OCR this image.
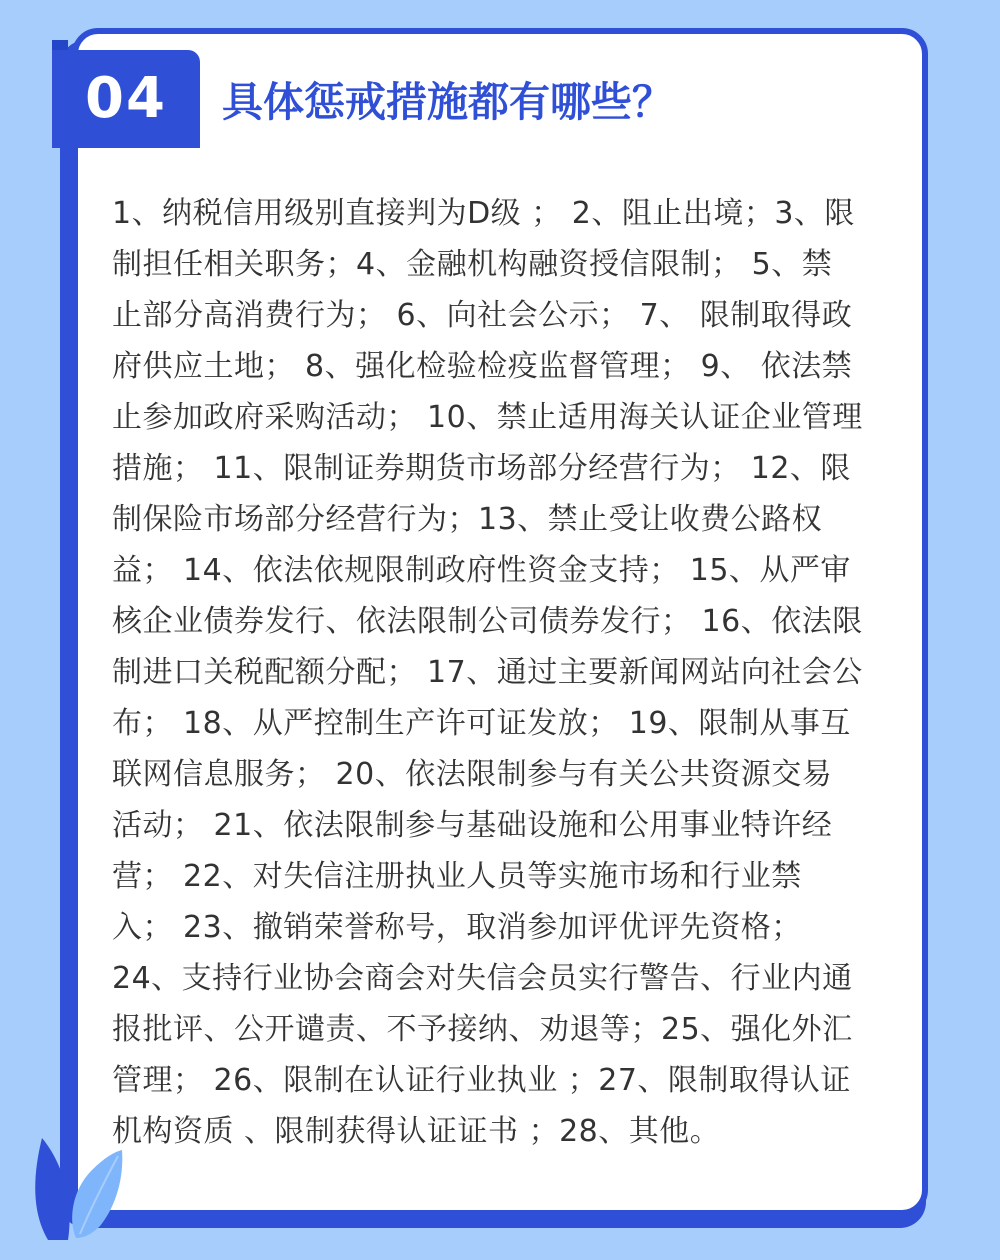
04	具体惩戒措施都有哪些？
1、纳税信用级别直接判为D级 ； 2、阻止出境；3、限
制担任相关职务；4、金融机构融资授信限制； 5、禁
止部分高消费行为； 6、向社会公示； 7、 限制取得政
府供应土地； 8、强化检验检疫监督管理； 9、 依法禁
止参加政府采购活动； 10、禁止适用海关认证企业管理
措施； 11、限制证券期货市场部分经营行为； 12、限
制保险市场部分经营行为；13、禁止受让收费公路权
益； 14、依法依规限制政府性资金支持； 15、从严审
核企业债券发行、依法限制公司债券发行； 16、依法限
制进口关税配额分配； 17、通过主要新闻网站向社会公
布； 18、从严控制生产许可证发放； 19、限制从事互
联网信息服务； 20、依法限制参与有关公共资源交易
活动； 21、依法限制参与基础设施和公用事业特许经
营； 22、对失信注册执业人员等实施市场和行业禁
入； 23、撤销荣誉称号，取消参加评优评先资格；
24、支持行业协会商会对失信会员实行警告、行业内通
报批评、公开谴责、不予接纳、劝退等；25、强化外汇
管理； 26、限制在认证行业执业 ；27、限制取得认证
机构资质 、限制获得认证证书 ；28、其他。
